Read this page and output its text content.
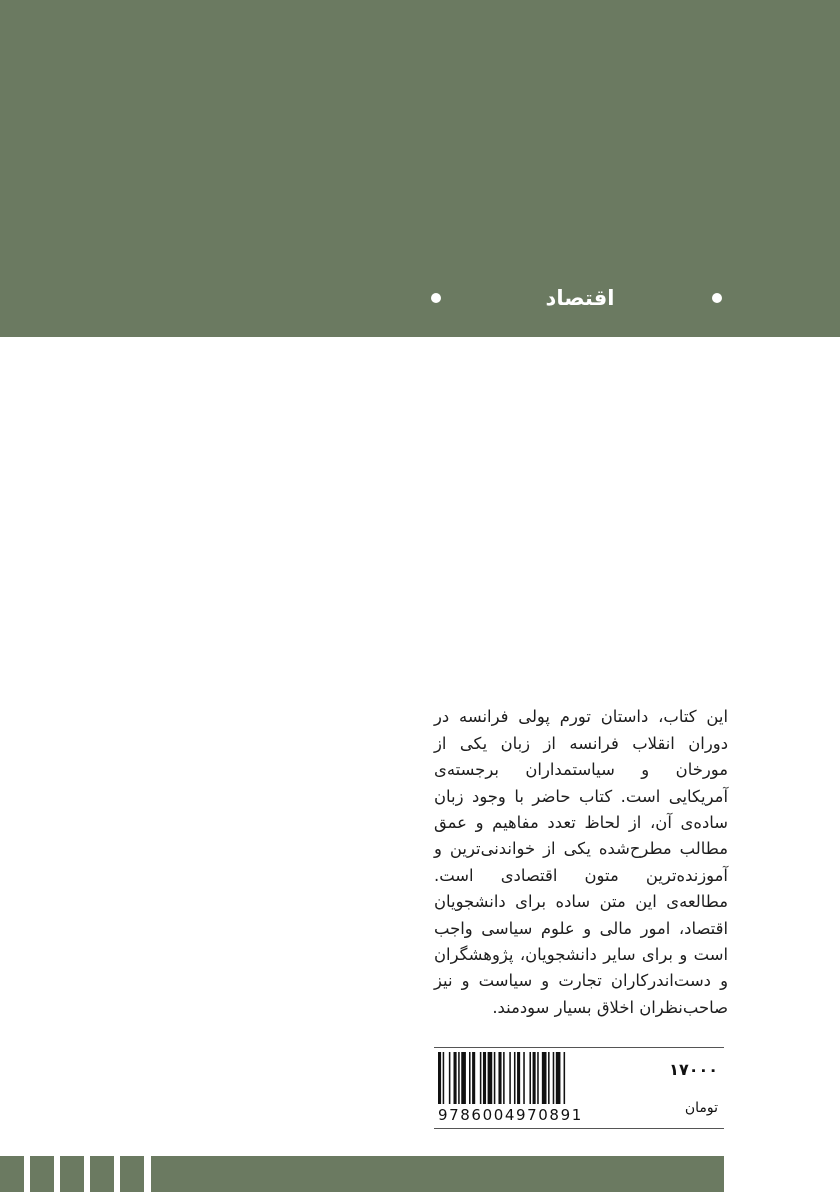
اقتصاد

این کتاب، داستان تورم پولی فرانسه در دوران انقلاب فرانسه از زبان یکی از مورخان و سیاستمداران برجسته‌ی آمریکایی است. کتاب حاضر با وجود زبان ساده‌ی آن، از لحاظ تعدد مفاهیم و عمق مطالب مطرح‌شده یکی از خواندنی‌ترین و آموزنده‌ترین متون اقتصادی است. مطالعه‌ی این متن ساده برای دانشجویان اقتصاد، امور مالی و علوم سیاسی واجب است و برای سایر دانشجویان، پژوهشگران و دست‌اندرکاران تجارت و سیاست و نیز صاحب‌نظران اخلاق بسیار سودمند.

9786004970891
۱۷۰۰۰
تومان
